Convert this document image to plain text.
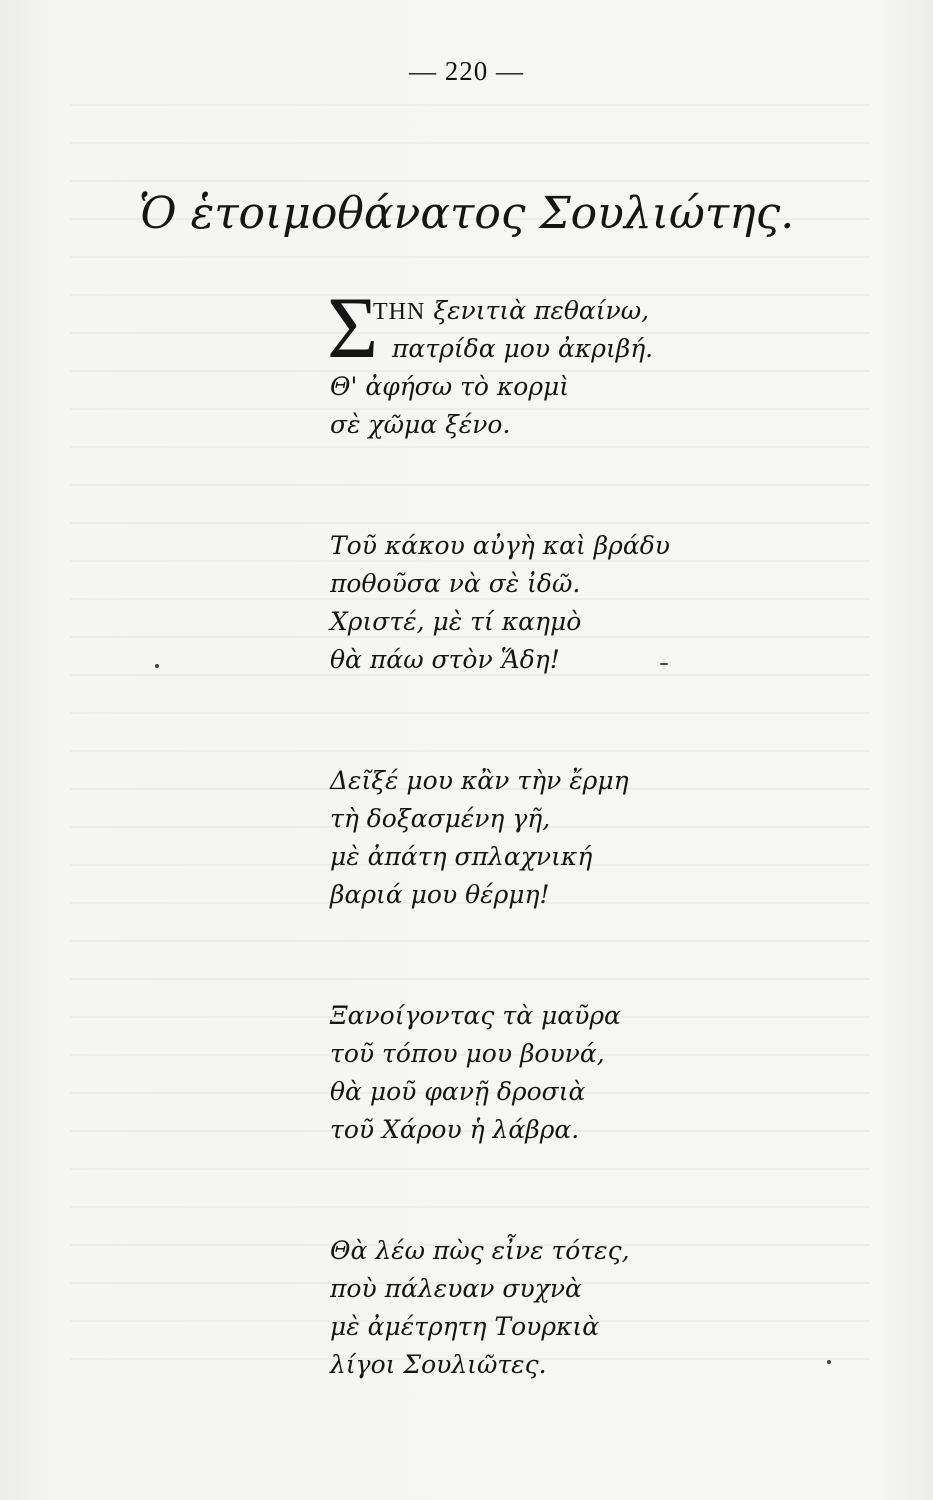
— 220 —
Ὁ ἑτοιμοθάνατος Σουλιώτης.
Σ
ΤΗΝ ξενιτιὰ πεθαίνω,
πατρίδα μου ἀκριβή.
Θ' ἀφήσω τὸ κορμὶ
σὲ χῶμα ξένο.
Τοῦ κάκου αὐγὴ καὶ βράδυ
ποθοῦσα νὰ σὲ ἰδῶ.
Χριστέ, μὲ τί καημὸ
θὰ πάω στὸν Ἅδη!
Δεῖξέ μου κἂν τὴν ἔρμη
τὴ δοξασμένη γῆ,
μὲ ἀπάτη σπλαχνική
βαριά μου θέρμη!
Ξανοίγοντας τὰ μαῦρα
τοῦ τόπου μου βουνά,
θὰ μοῦ φανῇ δροσιὰ
τοῦ Χάρου ἡ λάβρα.
Θὰ λέω πὼς εἶνε τότες,
ποὺ πάλευαν συχνὰ
μὲ ἀμέτρητη Τουρκιὰ
λίγοι Σουλιῶτες.
